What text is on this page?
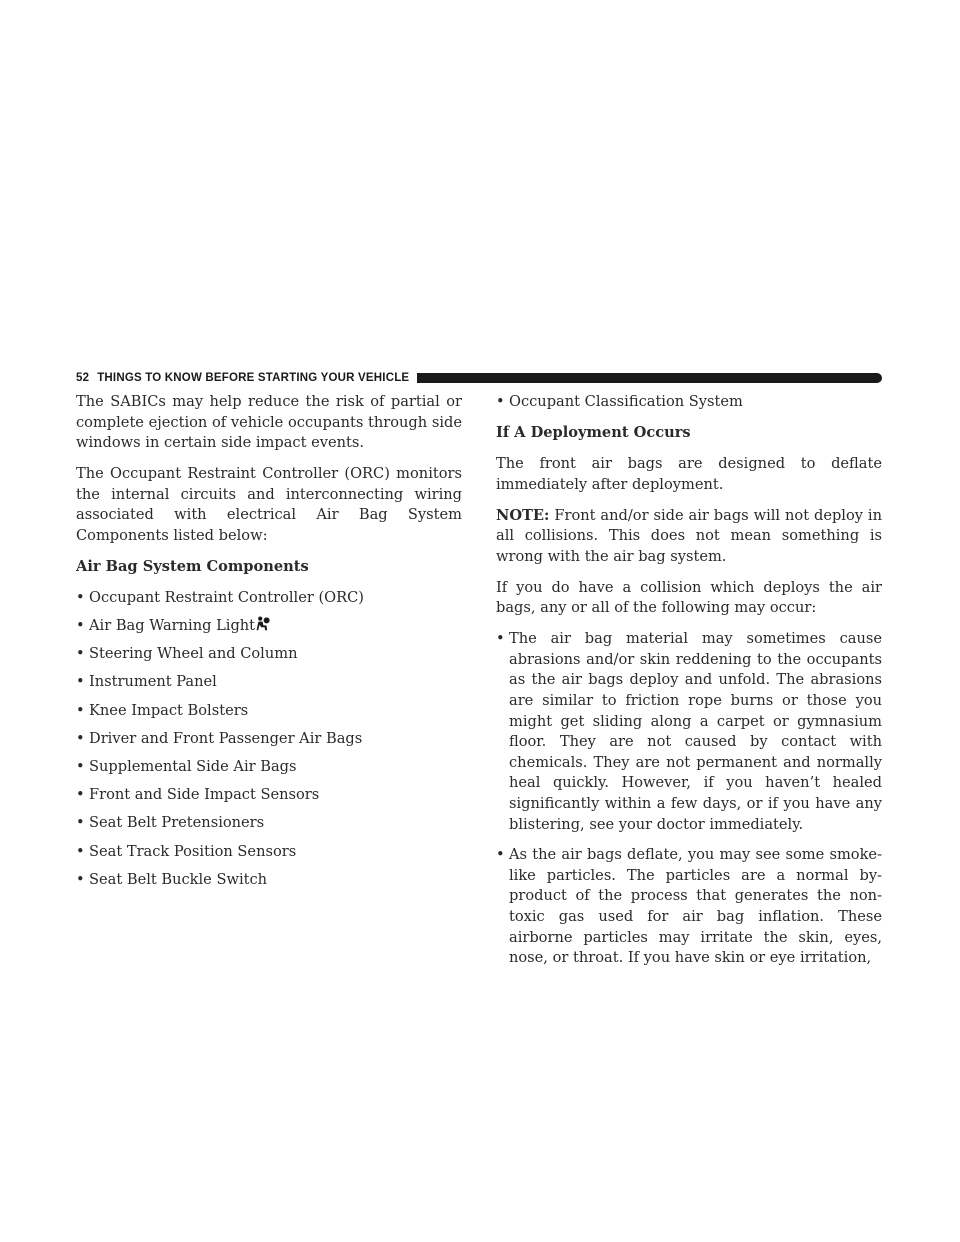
52 THINGS TO KNOW BEFORE STARTING YOUR VEHICLE

The SABICs may help reduce the risk of partial or complete ejection of vehicle occupants through side windows in certain side impact events.

The Occupant Restraint Controller (ORC) monitors the internal circuits and interconnecting wiring associated with electrical Air Bag System Components listed below:

Air Bag System Components
• Occupant Restraint Controller (ORC)
• Air Bag Warning Light
• Steering Wheel and Column
• Instrument Panel
• Knee Impact Bolsters
• Driver and Front Passenger Air Bags
• Supplemental Side Air Bags
• Front and Side Impact Sensors
• Seat Belt Pretensioners
• Seat Track Position Sensors
• Seat Belt Buckle Switch
• Occupant Classification System
If A Deployment Occurs

The front air bags are designed to deflate immediately after deployment.

NOTE: Front and/or side air bags will not deploy in all collisions. This does not mean something is wrong with the air bag system.

If you do have a collision which deploys the air bags, any or all of the following may occur:

• The air bag material may sometimes cause abrasions and/or skin reddening to the occupants as the air bags deploy and unfold. The abrasions are similar to friction rope burns or those you might get sliding along a carpet or gymnasium floor. They are not caused by contact with chemicals. They are not permanent and normally heal quickly. However, if you haven’t healed significantly within a few days, or if you have any blistering, see your doctor immediately.
• As the air bags deflate, you may see some smoke-like particles. The particles are a normal by-product of the process that generates the non-toxic gas used for air bag inflation. These airborne particles may irritate the skin, eyes, nose, or throat. If you have skin or eye irritation,
